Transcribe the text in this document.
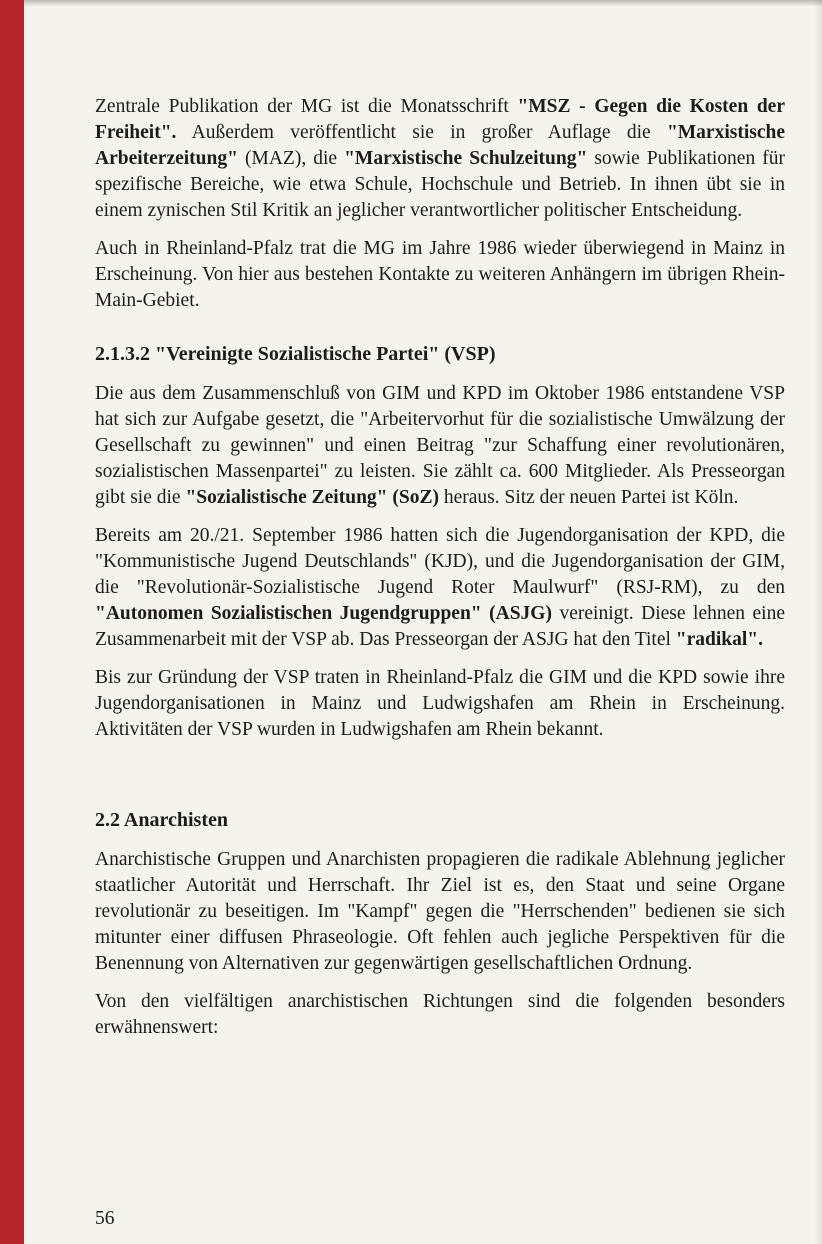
Zentrale Publikation der MG ist die Monatsschrift "MSZ - Gegen die Kosten der Freiheit". Außerdem veröffentlicht sie in großer Auflage die "Marxistische Arbeiterzeitung" (MAZ), die "Marxistische Schulzeitung" sowie Publikationen für spezifische Bereiche, wie etwa Schule, Hochschule und Betrieb. In ihnen übt sie in einem zynischen Stil Kritik an jeglicher verantwortlicher politischer Entscheidung.

Auch in Rheinland-Pfalz trat die MG im Jahre 1986 wieder überwiegend in Mainz in Erscheinung. Von hier aus bestehen Kontakte zu weiteren Anhängern im übrigen Rhein-Main-Gebiet.

2.1.3.2 "Vereinigte Sozialistische Partei" (VSP)

Die aus dem Zusammenschluß von GIM und KPD im Oktober 1986 entstandene VSP hat sich zur Aufgabe gesetzt, die "Arbeitervorhut für die sozialistische Umwälzung der Gesellschaft zu gewinnen" und einen Beitrag "zur Schaffung einer revolutionären, sozialistischen Massenpartei" zu leisten. Sie zählt ca. 600 Mitglieder. Als Presseorgan gibt sie die "Sozialistische Zeitung" (SoZ) heraus. Sitz der neuen Partei ist Köln.

Bereits am 20./21. September 1986 hatten sich die Jugendorganisation der KPD, die "Kommunistische Jugend Deutschlands" (KJD), und die Jugendorganisation der GIM, die "Revolutionär-Sozialistische Jugend Roter Maulwurf" (RSJ-RM), zu den "Autonomen Sozialistischen Jugendgruppen" (ASJG) vereinigt. Diese lehnen eine Zusammenarbeit mit der VSP ab. Das Presseorgan der ASJG hat den Titel "radikal".

Bis zur Gründung der VSP traten in Rheinland-Pfalz die GIM und die KPD sowie ihre Jugendorganisationen in Mainz und Ludwigshafen am Rhein in Erscheinung. Aktivitäten der VSP wurden in Ludwigshafen am Rhein bekannt.

2.2 Anarchisten

Anarchistische Gruppen und Anarchisten propagieren die radikale Ablehnung jeglicher staatlicher Autorität und Herrschaft. Ihr Ziel ist es, den Staat und seine Organe revolutionär zu beseitigen. Im "Kampf" gegen die "Herrschenden" bedienen sie sich mitunter einer diffusen Phraseologie. Oft fehlen auch jegliche Perspektiven für die Benennung von Alternativen zur gegenwärtigen gesellschaftlichen Ordnung.

Von den vielfältigen anarchistischen Richtungen sind die folgenden besonders erwähnenswert:

56
